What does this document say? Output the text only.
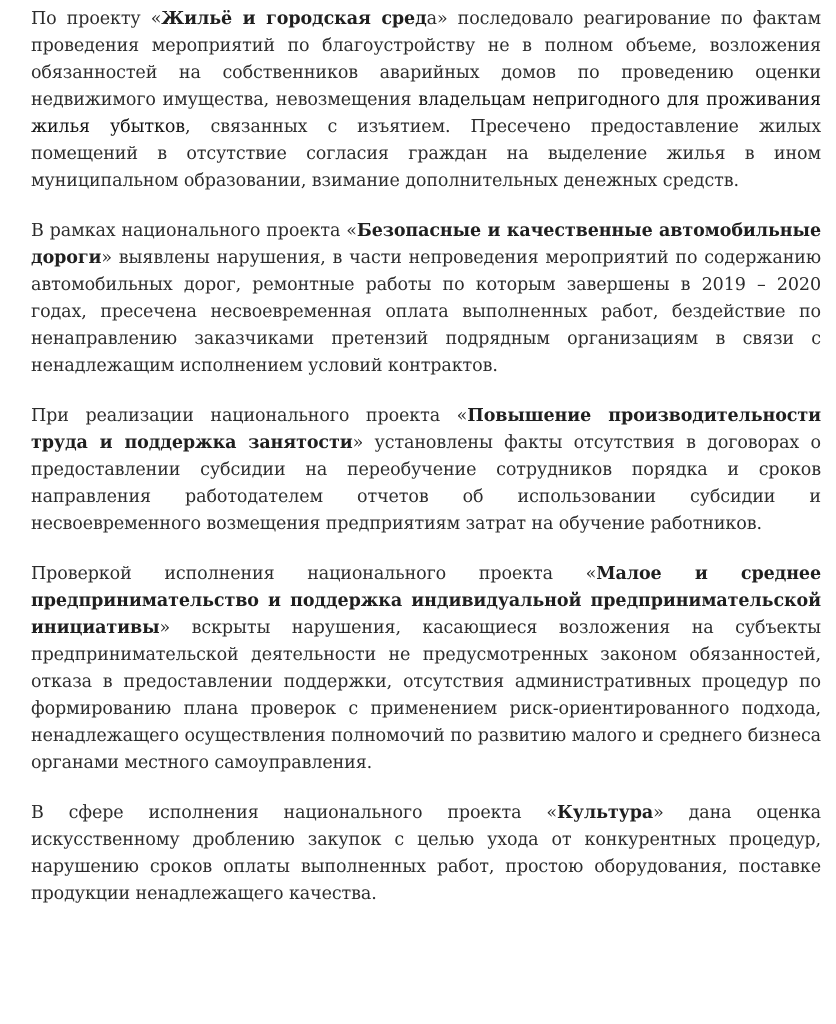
По проекту «Жильё и городская среда» последовало реагирование по фактам проведения мероприятий по благоустройству не в полном объеме, возложения обязанностей на собственников аварийных домов по проведению оценки недвижимого имущества, невозмещения владельцам непригодного для проживания жилья убытков, связанных с изъятием. Пресечено предоставление жилых помещений в отсутствие согласия граждан на выделение жилья в ином муниципальном образовании, взимание дополнительных денежных средств.

В рамках национального проекта «Безопасные и качественные автомобильные дороги» выявлены нарушения, в части непроведения мероприятий по содержанию автомобильных дорог, ремонтные работы по которым завершены в 2019 – 2020 годах, пресечена несвоевременная оплата выполненных работ, бездействие по ненаправлению заказчиками претензий подрядным организациям в связи с ненадлежащим исполнением условий контрактов.

При реализации национального проекта «Повышение производительности труда и поддержка занятости» установлены факты отсутствия в договорах о предоставлении субсидии на переобучение сотрудников порядка и сроков направления работодателем отчетов об использовании субсидии и несвоевременного возмещения предприятиям затрат на обучение работников.

Проверкой исполнения национального проекта «Малое и среднее предпринимательство и поддержка индивидуальной предпринимательской инициативы» вскрыты нарушения, касающиеся возложения на субъекты предпринимательской деятельности не предусмотренных законом обязанностей, отказа в предоставлении поддержки, отсутствия административных процедур по формированию плана проверок с применением риск-ориентированного подхода, ненадлежащего осуществления полномочий по развитию малого и среднего бизнеса органами местного самоуправления.

В сфере исполнения национального проекта «Культура» дана оценка искусственному дроблению закупок с целью ухода от конкурентных процедур, нарушению сроков оплаты выполненных работ, простою оборудования, поставке продукции ненадлежащего качества.
